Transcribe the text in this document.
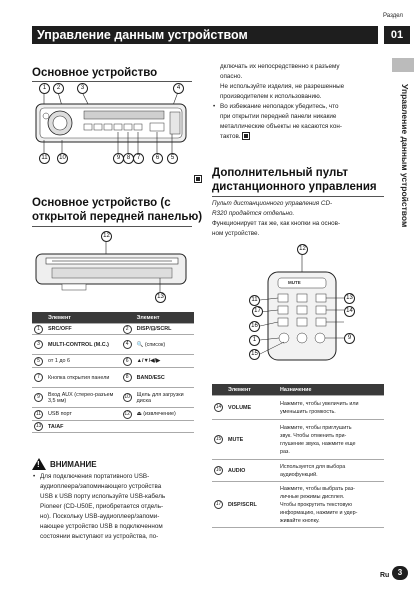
Раздел
Управление данным устройством	01
Управление данным устройством
Основное устройство
1	2	3	4
11	10	9	8	7	6	5
Основное устройство (с
открытой передней панелью)
12
13
	Элемент		Элемент
1	SRC/OFF	2	DISP/⊡/SCRL
3	MULTI-CONTROL (M.C.)	4	🔍 (список)
5	от 1 до 6	6	▲/▼/◀/▶
7	Кнопка открытия панели	8	BAND/ESC
9	Вход AUX (стерео-разъем 3,5 мм)	10	Щель для загрузки диска
11	USB порт	12	⏏ (извлечение)
13	TA/AF		
! ВНИМАНИЕ
• Для подключения портативного USB-
аудиоплеера/запоминающего устройства
USB к USB порту используйте USB-кабель
Pioneer (CD-U50E, приобретается отдель-
но). Поскольку USB-аудиоплеер/запоми-
нающее устройство USB в подключенном
состоянии выступают из устройства, по-
дключать их непосредственно к разъему
опасно.
Не используйте изделия, не разрешенные
производителем к использованию.
• Во избежание неполадок убедитесь, что
при открытии передней панели никакие
металлические объекты не касаются кон-
тактов.
Дополнительный пульт
дистанционного управления
Пульт дистанционного управления CD-
R320 продаётся отдельно.
Функционирует так же, как кнопки на основ-
ном устройстве.
MUTE
12
11
17
16
1
15
13
14
9
	Элемент	Назначение
14	VOLUME	Нажмите, чтобы увеличить или
уменьшить громкость.

15	MUTE	Нажмите, чтобы приглушить
звук. Чтобы отменить при-
глушение звука, нажмите еще
раз.

16	AUDIO	Используется для выбора
аудиофункций.

17	DISP/SCRL	Нажмите, чтобы выбрать раз-
личные режимы дисплея.
Чтобы прокрутить текстовую
информацию, нажмите и удер-
живайте кнопку.
Ru	3
